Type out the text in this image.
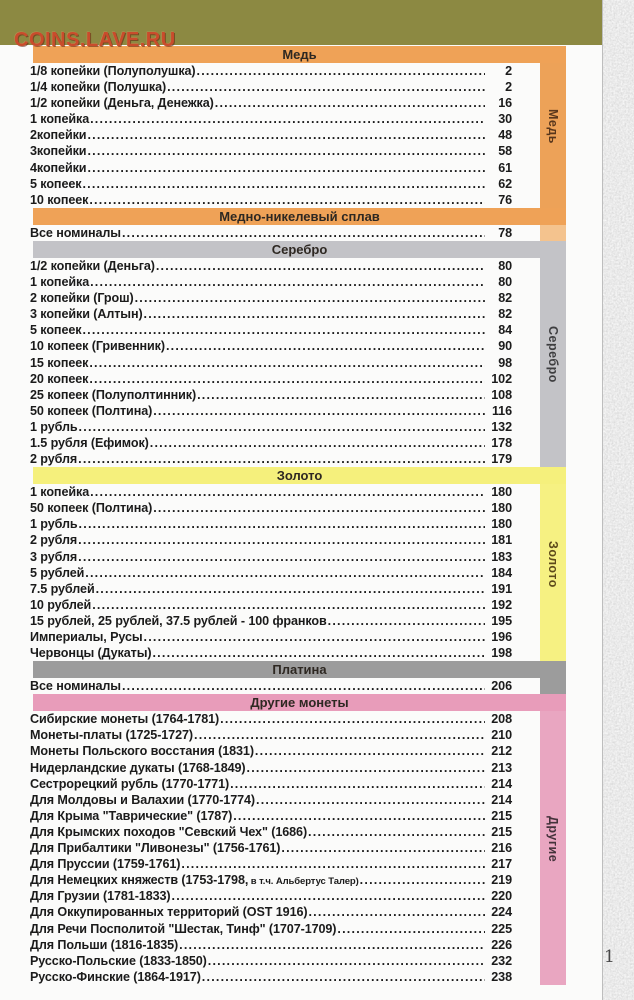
COINS.LAVE.RU
1
Медь
Медь
1/8 копейки (Полуполушка) .....	2
1/4 копейки (Полушка) .....	2
1/2 копейки (Деньга, Денежка) .....	16
1 копейка .....	30
2копейки .....	48
3копейки .....	58
4копейки .....	61
5 копеек .....	62
10 копеек .....	76
Медно-никелевый сплав
Все номиналы .....	78
Серебро
Серебро
1/2 копейки (Деньга) .....	80
1 копейка .....	80
2 копейки (Грош) .....	82
3 копейки (Алтын) .....	82
5 копеек .....	84
10 копеек (Гривенник) .....	90
15 копеек .....	98
20 копеек .....	102
25 копеек (Полуполтинник) .....	108
50 копеек (Полтина) .....	116
1 рубль .....	132
1.5 рубля (Ефимок) .....	178
2 рубля .....	179
Золото
Золото
1 копейка .....	180
50 копеек (Полтина) .....	180
1 рубль .....	180
2 рубля .....	181
3 рубля .....	183
5 рублей .....	184
7.5 рублей .....	191
10 рублей .....	192
15 рублей, 25 рублей, 37.5 рублей - 100 франков .....	195
Империалы, Русы .....	196
Червонцы (Дукаты) .....	198
Платина
Все номиналы .....	206
Другие
Другие монеты
Сибирские монеты (1764-1781) .....	208
Монеты-платы (1725-1727) .....	210
Монеты Польского восстания (1831) .....	212
Нидерландские дукаты (1768-1849) .....	213
Сестрорецкий рубль (1770-1771) .....	214
Для Молдовы и Валахии (1770-1774) .....	214
Для Крыма "Таврические" (1787) .....	215
Для Крымских походов "Севский Чех" (1686) .....	215
Для Прибалтики "Ливонезы" (1756-1761) .....	216
Для Пруссии (1759-1761) .....	217
Для Немецких княжеств (1753-1798, в т.ч. Альбертус Талер) .....	219
Для Грузии (1781-1833) .....	220
Для Оккупированных территорий (OST 1916) .....	224
Для Речи Посполитой "Шестак, Тинф" (1707-1709) .....	225
Для Польши (1816-1835) .....	226
Русско-Польские (1833-1850) .....	232
Русско-Финские (1864-1917) .....	238
